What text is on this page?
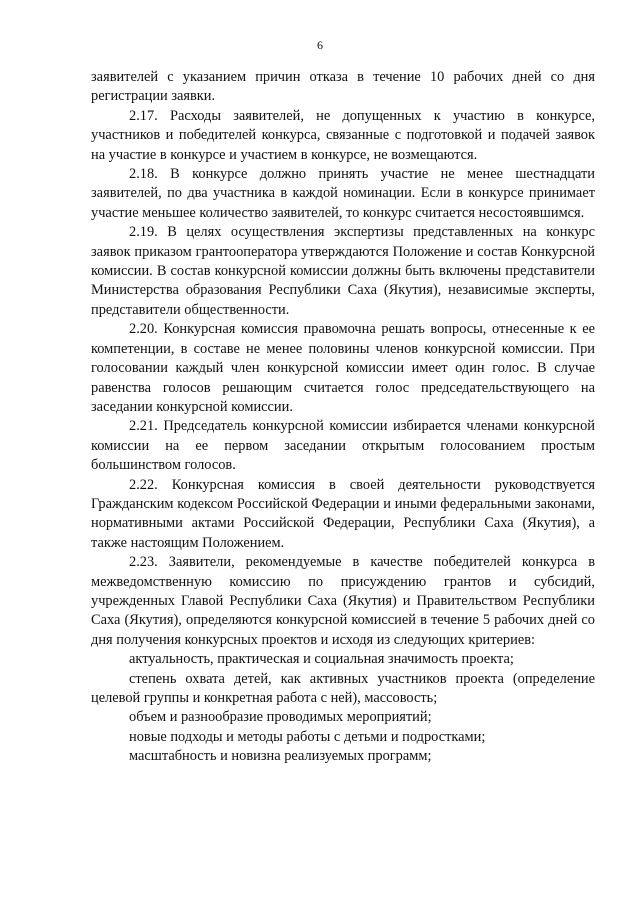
6

заявителей с указанием причин отказа в течение 10 рабочих дней со дня регистрации заявки.

2.17. Расходы заявителей, не допущенных к участию в конкурсе, участников и победителей конкурса, связанные с подготовкой и подачей заявок на участие в конкурсе и участием в конкурсе, не возмещаются.

2.18. В конкурсе должно принять участие не менее шестнадцати заявителей, по два участника в каждой номинации. Если в конкурсе принимает участие меньшее количество заявителей, то конкурс считается несостоявшимся.

2.19. В целях осуществления экспертизы представленных на конкурс заявок приказом грантооператора утверждаются Положение и состав Конкурсной комиссии. В состав конкурсной комиссии должны быть включены представители Министерства образования Республики Саха (Якутия), независимые эксперты, представители общественности.

2.20. Конкурсная комиссия правомочна решать вопросы, отнесенные к ее компетенции, в составе не менее половины членов конкурсной комиссии. При голосовании каждый член конкурсной комиссии имеет один голос. В случае равенства голосов решающим считается голос председательствующего на заседании конкурсной комиссии.

2.21. Председатель конкурсной комиссии избирается членами конкурсной комиссии на ее первом заседании открытым голосованием простым большинством голосов.

2.22. Конкурсная комиссия в своей деятельности руководствуется Гражданским кодексом Российской Федерации и иными федеральными законами, нормативными актами Российской Федерации, Республики Саха (Якутия), а также настоящим Положением.

2.23. Заявители, рекомендуемые в качестве победителей конкурса в межведомственную комиссию по присуждению грантов и субсидий, учрежденных Главой Республики Саха (Якутия) и Правительством Республики Саха (Якутия), определяются конкурсной комиссией в течение 5 рабочих дней со дня получения конкурсных проектов и исходя из следующих критериев:

актуальность, практическая и социальная значимость проекта;

степень охвата детей, как активных участников проекта (определение целевой группы и конкретная работа с ней), массовость;

объем и разнообразие проводимых мероприятий;

новые подходы и методы работы с детьми и подростками;

масштабность и новизна реализуемых программ;
